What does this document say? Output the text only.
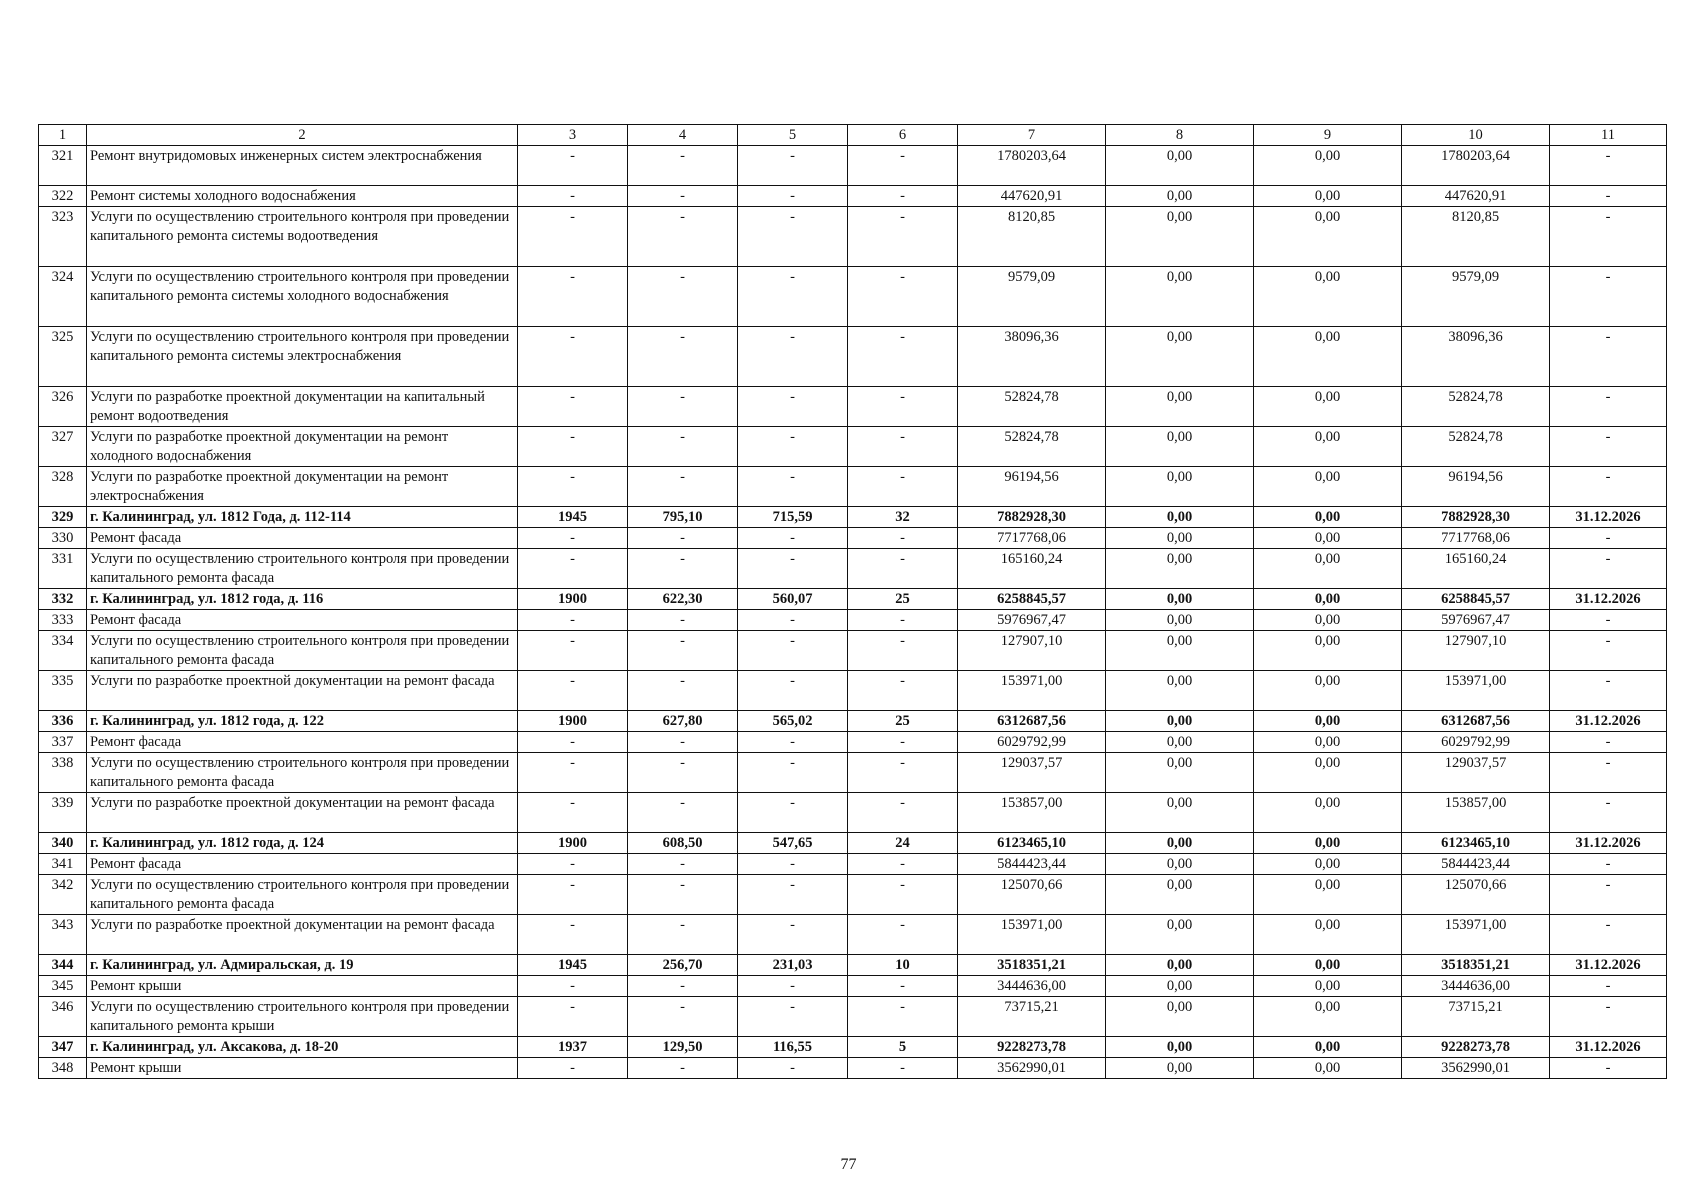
1	2	3	4	5	6	7	8	9	10	11
321	Ремонт внутридомовых инженерных систем электроснабжения	-	-	-	-	1780203,64	0,00	0,00	1780203,64	-
322	Ремонт системы холодного водоснабжения	-	-	-	-	447620,91	0,00	0,00	447620,91	-
323	Услуги по осуществлению строительного контроля при проведении капитального ремонта системы водоотведения	-	-	-	-	8120,85	0,00	0,00	8120,85	-
324	Услуги по осуществлению строительного контроля при проведении капитального ремонта системы холодного водоснабжения	-	-	-	-	9579,09	0,00	0,00	9579,09	-
325	Услуги по осуществлению строительного контроля при проведении капитального ремонта системы электроснабжения	-	-	-	-	38096,36	0,00	0,00	38096,36	-
326	Услуги по разработке проектной документации на капитальный ремонт водоотведения	-	-	-	-	52824,78	0,00	0,00	52824,78	-
327	Услуги по разработке проектной документации на ремонт холодного водоснабжения	-	-	-	-	52824,78	0,00	0,00	52824,78	-
328	Услуги по разработке проектной документации на ремонт электроснабжения	-	-	-	-	96194,56	0,00	0,00	96194,56	-
329	г. Калининград, ул. 1812 Года, д. 112-114	1945	795,10	715,59	32	7882928,30	0,00	0,00	7882928,30	31.12.2026
330	Ремонт фасада	-	-	-	-	7717768,06	0,00	0,00	7717768,06	-
331	Услуги по осуществлению строительного контроля при проведении капитального ремонта фасада	-	-	-	-	165160,24	0,00	0,00	165160,24	-
332	г. Калининград, ул. 1812 года, д. 116	1900	622,30	560,07	25	6258845,57	0,00	0,00	6258845,57	31.12.2026
333	Ремонт фасада	-	-	-	-	5976967,47	0,00	0,00	5976967,47	-
334	Услуги по осуществлению строительного контроля при проведении капитального ремонта фасада	-	-	-	-	127907,10	0,00	0,00	127907,10	-
335	Услуги по разработке проектной документации на ремонт фасада	-	-	-	-	153971,00	0,00	0,00	153971,00	-
336	г. Калининград, ул. 1812 года, д. 122	1900	627,80	565,02	25	6312687,56	0,00	0,00	6312687,56	31.12.2026
337	Ремонт фасада	-	-	-	-	6029792,99	0,00	0,00	6029792,99	-
338	Услуги по осуществлению строительного контроля при проведении капитального ремонта фасада	-	-	-	-	129037,57	0,00	0,00	129037,57	-
339	Услуги по разработке проектной документации на ремонт фасада	-	-	-	-	153857,00	0,00	0,00	153857,00	-
340	г. Калининград, ул. 1812 года, д. 124	1900	608,50	547,65	24	6123465,10	0,00	0,00	6123465,10	31.12.2026
341	Ремонт фасада	-	-	-	-	5844423,44	0,00	0,00	5844423,44	-
342	Услуги по осуществлению строительного контроля при проведении капитального ремонта фасада	-	-	-	-	125070,66	0,00	0,00	125070,66	-
343	Услуги по разработке проектной документации на ремонт фасада	-	-	-	-	153971,00	0,00	0,00	153971,00	-
344	г. Калининград, ул. Адмиральская, д. 19	1945	256,70	231,03	10	3518351,21	0,00	0,00	3518351,21	31.12.2026
345	Ремонт крыши	-	-	-	-	3444636,00	0,00	0,00	3444636,00	-
346	Услуги по осуществлению строительного контроля при проведении капитального ремонта крыши	-	-	-	-	73715,21	0,00	0,00	73715,21	-
347	г. Калининград, ул. Аксакова, д. 18-20	1937	129,50	116,55	5	9228273,78	0,00	0,00	9228273,78	31.12.2026
348	Ремонт крыши	-	-	-	-	3562990,01	0,00	0,00	3562990,01	-
77
